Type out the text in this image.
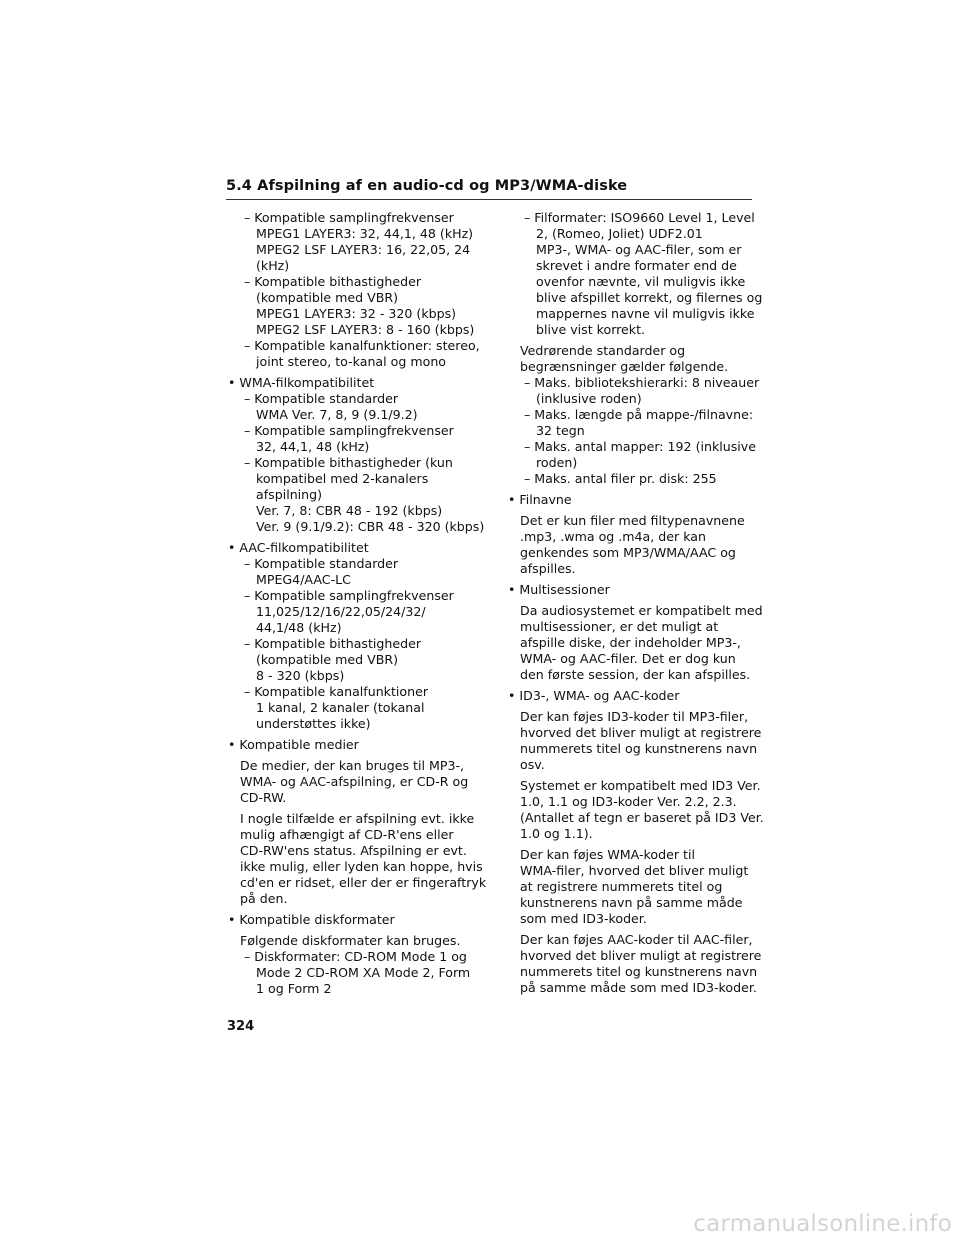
5.4 Afspilning af en audio-cd og MP3/WMA-diske
– Kompatible samplingfrekvenser
MPEG1 LAYER3: 32, 44,1, 48 (kHz)
MPEG2 LSF LAYER3: 16, 22,05, 24
(kHz)
– Kompatible bithastigheder
(kompatible med VBR)
MPEG1 LAYER3: 32 - 320 (kbps)
MPEG2 LSF LAYER3: 8 - 160 (kbps)
– Kompatible kanalfunktioner: stereo,
joint stereo, to-kanal og mono
• WMA-filkompatibilitet
– Kompatible standarder
WMA Ver. 7, 8, 9 (9.1/9.2)
– Kompatible samplingfrekvenser
32, 44,1, 48 (kHz)
– Kompatible bithastigheder (kun
kompatibel med 2-kanalers
afspilning)
Ver. 7, 8: CBR 48 - 192 (kbps)
Ver. 9 (9.1/9.2): CBR 48 - 320 (kbps)
• AAC-filkompatibilitet
– Kompatible standarder
MPEG4/AAC-LC
– Kompatible samplingfrekvenser
11,025/12/16/22,05/24/32/
44,1/48 (kHz)
– Kompatible bithastigheder
(kompatible med VBR)
8 - 320 (kbps)
– Kompatible kanalfunktioner
1 kanal, 2 kanaler (tokanal
understøttes ikke)
• Kompatible medier
De medier, der kan bruges til MP3-,
WMA- og AAC-afspilning, er CD-R og
CD-RW.
I nogle tilfælde er afspilning evt. ikke
mulig afhængigt af CD-R'ens eller
CD-RW'ens status. Afspilning er evt.
ikke mulig, eller lyden kan hoppe, hvis
cd'en er ridset, eller der er fingeraftryk
på den.
• Kompatible diskformater
Følgende diskformater kan bruges.
– Diskformater: CD-ROM Mode 1 og
Mode 2 CD-ROM XA Mode 2, Form
1 og Form 2
– Filformater: ISO9660 Level 1, Level
2, (Romeo, Joliet) UDF2.01
MP3-, WMA- og AAC-filer, som er
skrevet i andre formater end de
ovenfor nævnte, vil muligvis ikke
blive afspillet korrekt, og filernes og
mappernes navne vil muligvis ikke
blive vist korrekt.
Vedrørende standarder og
begrænsninger gælder følgende.
– Maks. bibliotekshierarki: 8 niveauer
(inklusive roden)
– Maks. længde på mappe-/filnavne:
32 tegn
– Maks. antal mapper: 192 (inklusive
roden)
– Maks. antal filer pr. disk: 255
• Filnavne
Det er kun filer med filtypenavnene
.mp3, .wma og .m4a, der kan
genkendes som MP3/WMA/AAC og
afspilles.
• Multisessioner
Da audiosystemet er kompatibelt med
multisessioner, er det muligt at
afspille diske, der indeholder MP3-,
WMA- og AAC-filer. Det er dog kun
den første session, der kan afspilles.
• ID3-, WMA- og AAC-koder
Der kan føjes ID3-koder til MP3-filer,
hvorved det bliver muligt at registrere
nummerets titel og kunstnerens navn
osv.
Systemet er kompatibelt med ID3 Ver.
1.0, 1.1 og ID3-koder Ver. 2.2, 2.3.
(Antallet af tegn er baseret på ID3 Ver.
1.0 og 1.1).
Der kan føjes WMA-koder til
WMA-filer, hvorved det bliver muligt
at registrere nummerets titel og
kunstnerens navn på samme måde
som med ID3-koder.
Der kan føjes AAC-koder til AAC-filer,
hvorved det bliver muligt at registrere
nummerets titel og kunstnerens navn
på samme måde som med ID3-koder.
324
carmanualsonline.info
